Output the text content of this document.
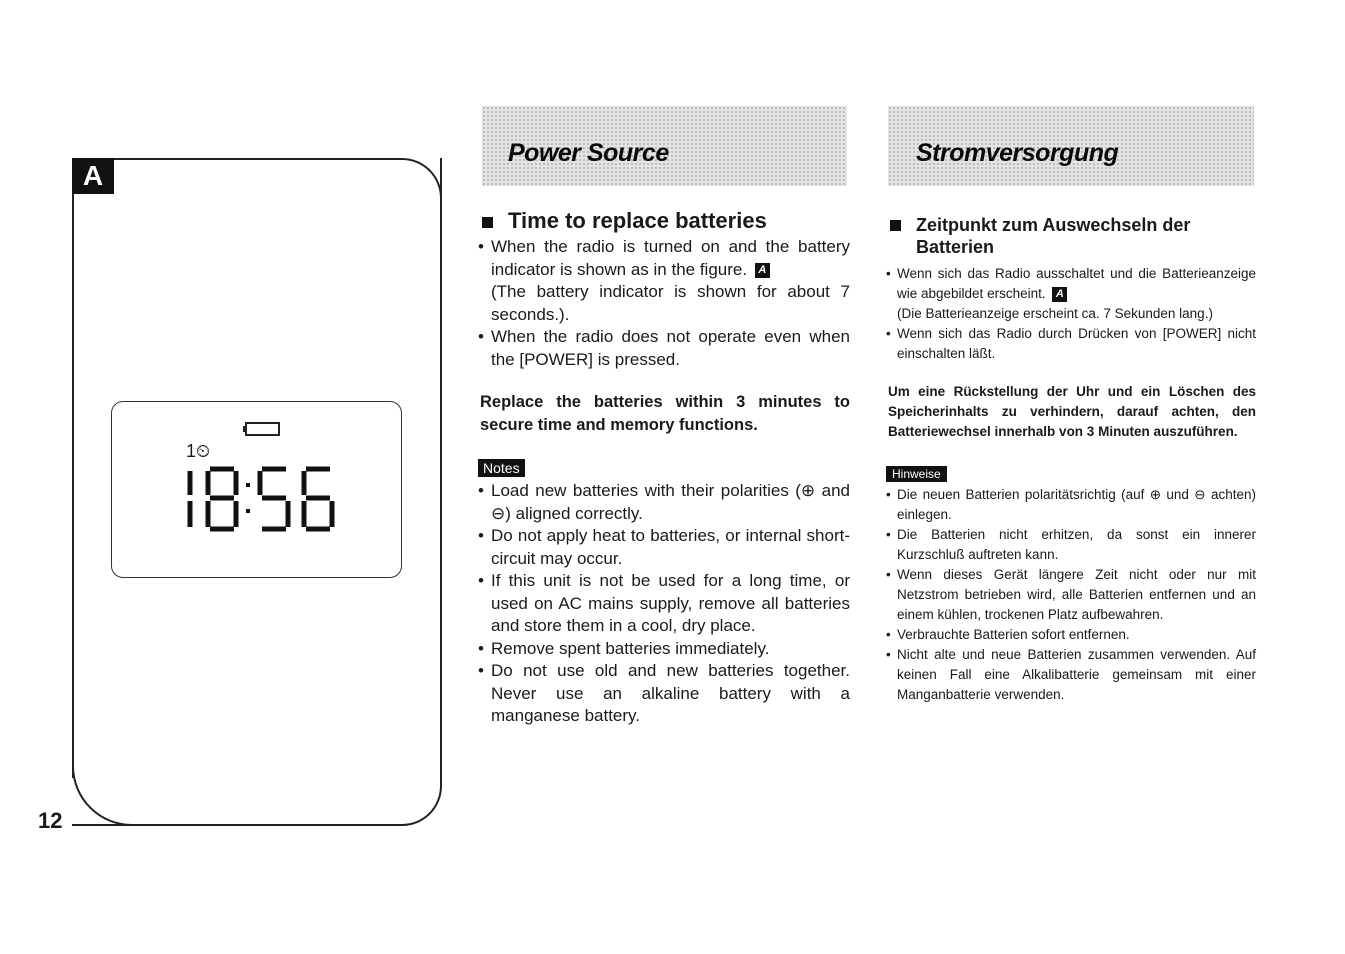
A
1⏲
12
Power Source	Stromversorgung
Time to replace batteries

• When the radio is turned on and the battery indicator is shown as in the figure. A

(The battery indicator is shown for about 7 seconds.).

• When the radio does not operate even when the [POWER] is pressed.

Replace the batteries within 3 minutes to secure time and memory functions.

Notes

• Load new batteries with their polarities (⊕ and ⊖) aligned correctly.

• Do not apply heat to batteries, or internal short-circuit may occur.

• If this unit is not be used for a long time, or used on AC mains supply, remove all batteries and store them in a cool, dry place.

• Remove spent batteries immediately.

• Do not use old and new batteries together. Never use an alkaline battery with a manganese battery.

Zeitpunkt zum Auswechseln der Batterien

• Wenn sich das Radio ausschaltet und die Batterieanzeige wie abgebildet erscheint. A

(Die Batterieanzeige erscheint ca. 7 Sekunden lang.)

• Wenn sich das Radio durch Drücken von [POWER] nicht einschalten läßt.

Um eine Rückstellung der Uhr und ein Löschen des Speicherinhalts zu verhindern, darauf achten, den Batteriewechsel innerhalb von 3 Minuten auszuführen.

Hinweise

• Die neuen Batterien polaritätsrichtig (auf ⊕ und ⊖ achten) einlegen.

• Die Batterien nicht erhitzen, da sonst ein innerer Kurzschluß auftreten kann.

• Wenn dieses Gerät längere Zeit nicht oder nur mit Netzstrom betrieben wird, alle Batterien entfernen und an einem kühlen, trockenen Platz aufbewahren.

• Verbrauchte Batterien sofort entfernen.

• Nicht alte und neue Batterien zusammen verwenden. Auf keinen Fall eine Alkalibatterie gemeinsam mit einer Manganbatterie verwenden.
